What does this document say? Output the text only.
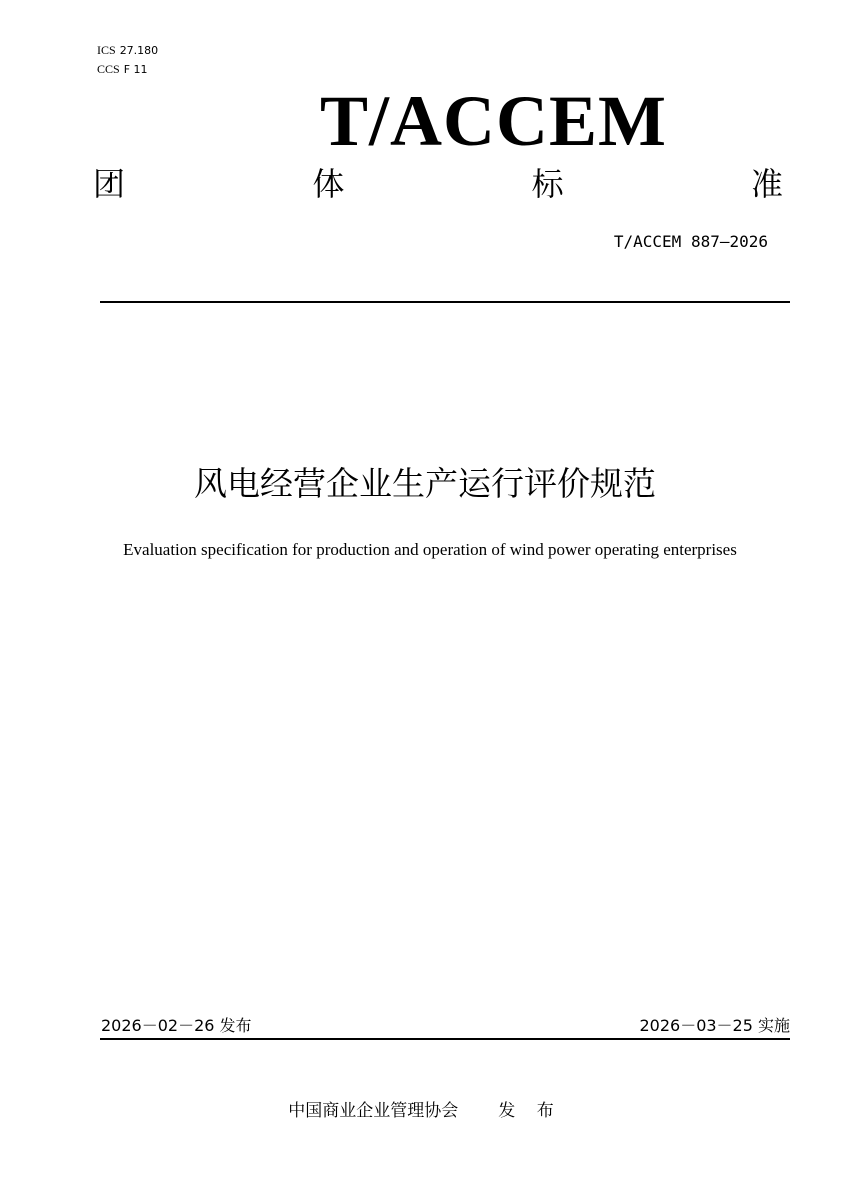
ICS 27.180
CCS F 11
T/ACCEM
团	体	标	准
T/ACCEM 887—2026
风电经营企业生产运行评价规范
Evaluation specification for production and operation of wind power operating enterprises
2026－02－26 发布	2026－03－25 实施
中国商业企业管理协会 发 布
